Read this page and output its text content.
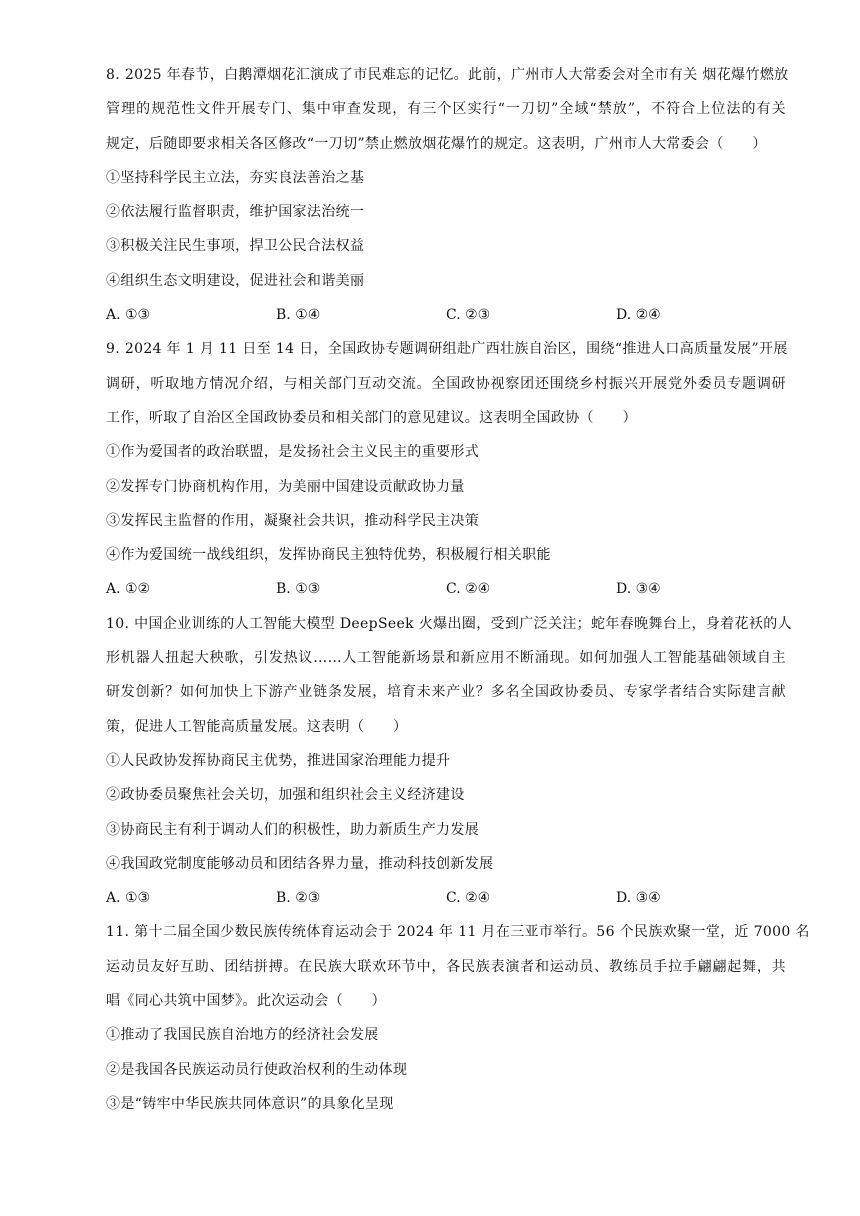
8. 2025 年春节，白鹅潭烟花汇演成了市民难忘的记忆。此前，广州市人大常委会对全市有关 烟花爆竹燃放
管理的规范性文件开展专门、集中审查发现，有三个区实行“一刀切”全域“禁放”，不符合上位法的有关
规定，后随即要求相关各区修改“一刀切”禁止燃放烟花爆竹的规定。这表明，广州市人大常委会（　　）
①坚持科学民主立法，夯实良法善治之基
②依法履行监督职责，维护国家法治统一
③积极关注民生事项，捍卫公民合法权益
④组织生态文明建设，促进社会和谐美丽
A. ①③	B. ①④	C. ②③	D. ②④
9. 2024 年 1 月 11 日至 14 日，全国政协专题调研组赴广西壮族自治区，围绕“推进人口高质量发展”开展
调研，听取地方情况介绍，与相关部门互动交流。全国政协视察团还围绕乡村振兴开展党外委员专题调研
工作，听取了自治区全国政协委员和相关部门的意见建议。这表明全国政协（　　）
①作为爱国者的政治联盟，是发扬社会主义民主的重要形式
②发挥专门协商机构作用，为美丽中国建设贡献政协力量
③发挥民主监督的作用，凝聚社会共识，推动科学民主决策
④作为爱国统一战线组织，发挥协商民主独特优势，积极履行相关职能
A. ①②	B. ①③	C. ②④	D. ③④
10. 中国企业训练的人工智能大模型 DeepSeek 火爆出圈，受到广泛关注；蛇年春晚舞台上，身着花袄的人
形机器人扭起大秧歌，引发热议……人工智能新场景和新应用不断涌现。如何加强人工智能基础领域自主
研发创新？如何加快上下游产业链条发展，培育未来产业？多名全国政协委员、专家学者结合实际建言献
策，促进人工智能高质量发展。这表明（　　）
①人民政协发挥协商民主优势，推进国家治理能力提升
②政协委员聚焦社会关切，加强和组织社会主义经济建设
③协商民主有利于调动人们的积极性，助力新质生产力发展
④我国政党制度能够动员和团结各界力量，推动科技创新发展
A. ①③	B. ②③	C. ②④	D. ③④
11. 第十二届全国少数民族传统体育运动会于 2024 年 11 月在三亚市举行。56 个民族欢聚一堂，近 7000 名
运动员友好互助、团结拼搏。在民族大联欢环节中，各民族表演者和运动员、教练员手拉手翩翩起舞，共
唱《同心共筑中国梦》。此次运动会（　　）
①推动了我国民族自治地方的经济社会发展
②是我国各民族运动员行使政治权利的生动体现
③是“铸牢中华民族共同体意识”的具象化呈现
